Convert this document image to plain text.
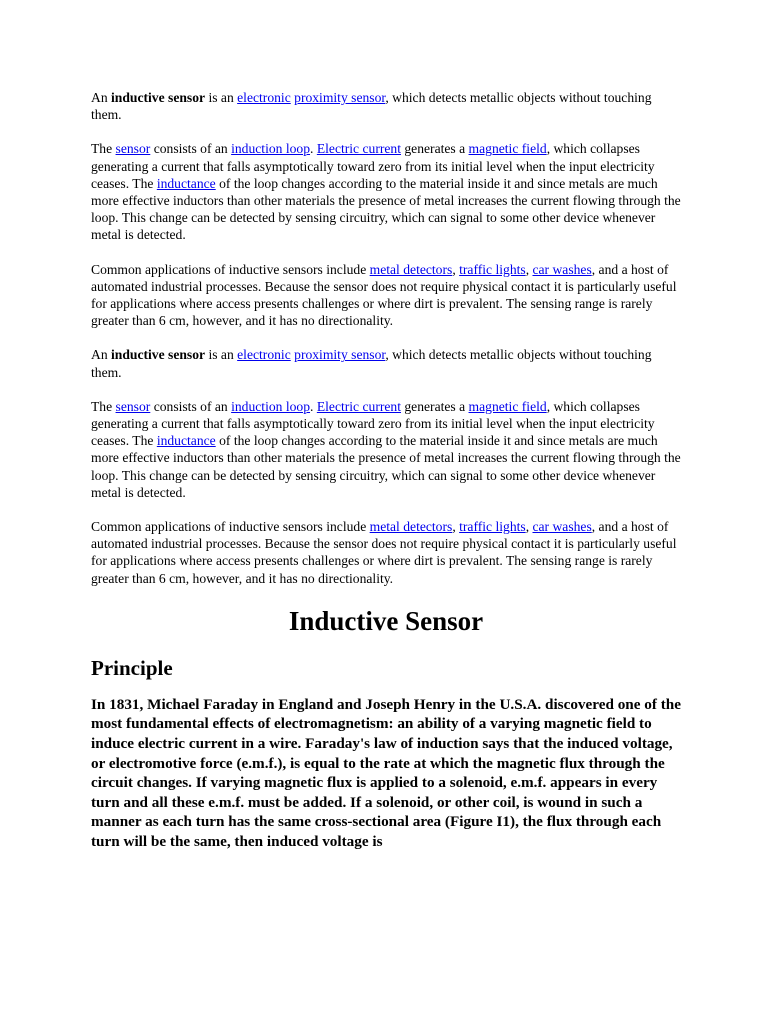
An inductive sensor is an electronic proximity sensor, which detects metallic objects without touching them.

The sensor consists of an induction loop. Electric current generates a magnetic field, which collapses generating a current that falls asymptotically toward zero from its initial level when the input electricity ceases. The inductance of the loop changes according to the material inside it and since metals are much more effective inductors than other materials the presence of metal increases the current flowing through the loop. This change can be detected by sensing circuitry, which can signal to some other device whenever metal is detected.

Common applications of inductive sensors include metal detectors, traffic lights, car washes, and a host of automated industrial processes. Because the sensor does not require physical contact it is particularly useful for applications where access presents challenges or where dirt is prevalent. The sensing range is rarely greater than 6 cm, however, and it has no directionality.

An inductive sensor is an electronic proximity sensor, which detects metallic objects without touching them.

The sensor consists of an induction loop. Electric current generates a magnetic field, which collapses generating a current that falls asymptotically toward zero from its initial level when the input electricity ceases. The inductance of the loop changes according to the material inside it and since metals are much more effective inductors than other materials the presence of metal increases the current flowing through the loop. This change can be detected by sensing circuitry, which can signal to some other device whenever metal is detected.

Common applications of inductive sensors include metal detectors, traffic lights, car washes, and a host of automated industrial processes. Because the sensor does not require physical contact it is particularly useful for applications where access presents challenges or where dirt is prevalent. The sensing range is rarely greater than 6 cm, however, and it has no directionality.

Inductive Sensor
Principle

In 1831, Michael Faraday in England and Joseph Henry in the U.S.A. discovered one of the most fundamental effects of electromagnetism: an ability of a varying magnetic field to induce electric current in a wire. Faraday's law of induction says that the induced voltage, or electromotive force (e.m.f.), is equal to the rate at which the magnetic flux through the circuit changes. If varying magnetic flux is applied to a solenoid, e.m.f. appears in every turn and all these e.m.f. must be added. If a solenoid, or other coil, is wound in such a manner as each turn has the same cross-sectional area (Figure I1), the flux through each turn will be the same, then induced voltage is
